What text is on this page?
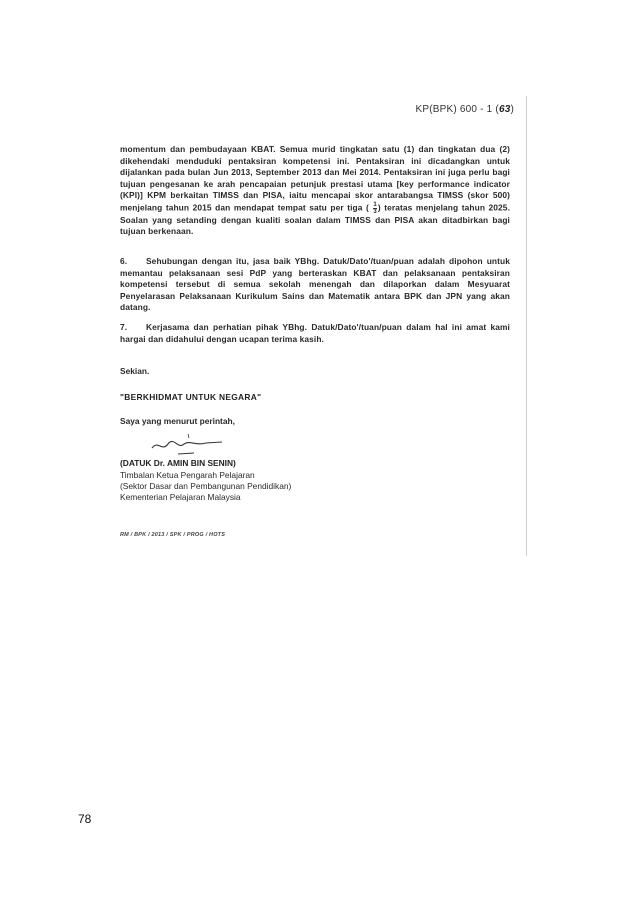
KP(BPK) 600 - 1 (63)
momentum dan pembudayaan KBAT. Semua murid tingkatan satu (1) dan tingkatan dua (2) dikehendaki menduduki pentaksiran kompetensi ini. Pentaksiran ini dicadangkan untuk dijalankan pada bulan Jun 2013, September 2013 dan Mei 2014. Pentaksiran ini juga perlu bagi tujuan pengesanan ke arah pencapaian petunjuk prestasi utama [key performance indicator (KPI)] KPM berkaitan TIMSS dan PISA, iaitu mencapai skor antarabangsa TIMSS (skor 500) menjelang tahun 2015 dan mendapat tempat satu per tiga ( $\frac{1}{3}$ ) teratas menjelang tahun 2025. Soalan yang setanding dengan kualiti soalan dalam TIMSS dan PISA akan ditadbirkan bagi tujuan berkenaan.
6. Sehubungan dengan itu, jasa baik YBhg. Datuk/Dato'/tuan/puan adalah dipohon untuk memantau pelaksanaan sesi PdP yang berteraskan KBAT dan pelaksanaan pentaksiran kompetensi tersebut di semua sekolah menengah dan dilaporkan dalam Mesyuarat Penyelarasan Pelaksanaan Kurikulum Sains dan Matematik antara BPK dan JPN yang akan datang.
7. Kerjasama dan perhatian pihak YBhg. Datuk/Dato'/tuan/puan dalam hal ini amat kami hargai dan didahului dengan ucapan terima kasih.
Sekian.
"BERKHIDMAT UNTUK NEGARA"
Saya yang menurut perintah,
(DATUK Dr. AMIN BIN SENIN)
Timbalan Ketua Pengarah Pelajaran
(Sektor Dasar dan Pembangunan Pendidikan)
Kementerian Pelajaran Malaysia
RM / BPK / 2013 / SPK / PROG / HOTS
78
